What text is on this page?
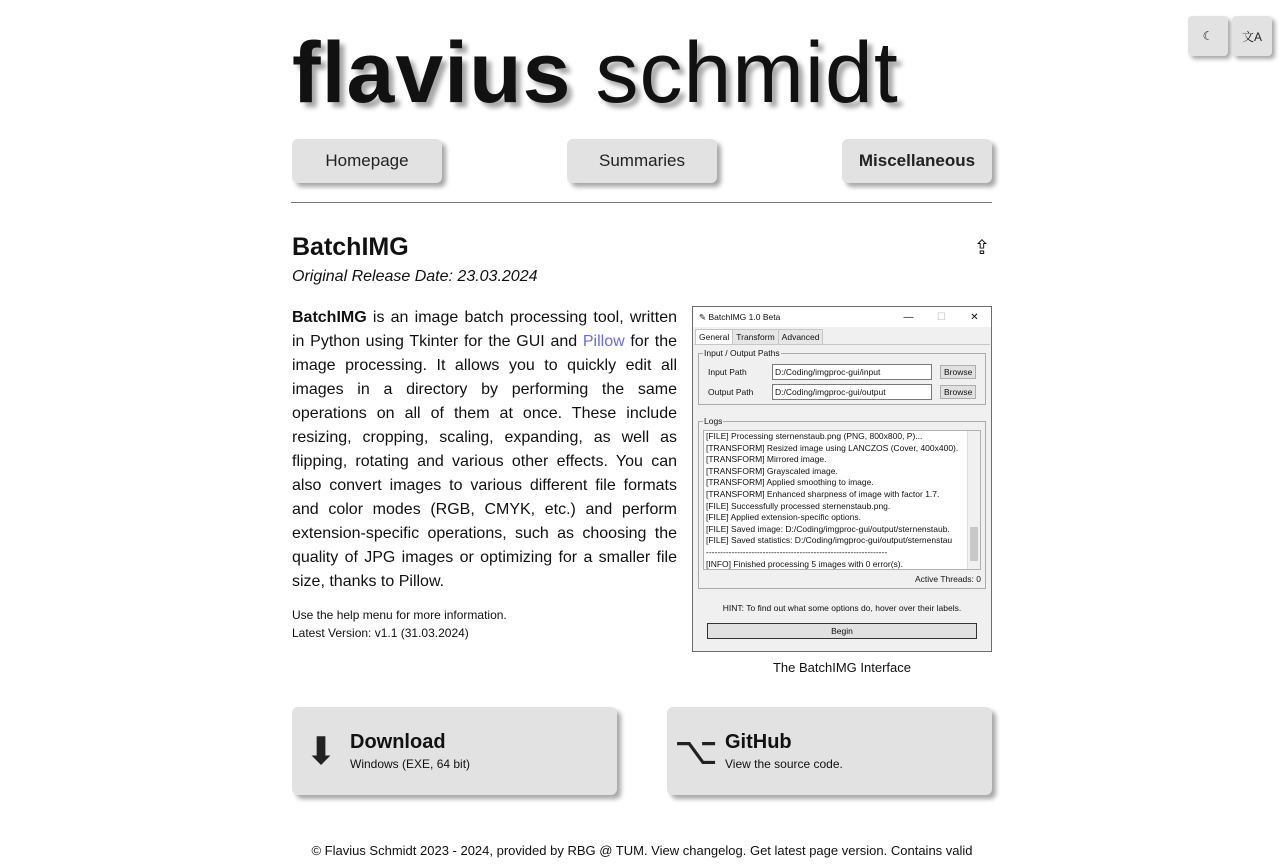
☾	文A
flavius schmidt
Homepage	Summaries	Miscellaneous
BatchIMG	⇪
Original Release Date: 23.03.2024
BatchIMG is an image batch processing tool, written in Python using Tkinter for the GUI and Pillow for the image processing. It allows you to quickly edit all images in a directory by performing the same operations on all of them at once. These include resizing, cropping, scaling, expanding, as well as flipping, rotating and various other effects. You can also convert images to various different file formats and color modes (RGB, CMYK, etc.) and perform extension-specific operations, such as choosing the quality of JPG images or optimizing for a smaller file size, thanks to Pillow.
Use the help menu for more information.
Latest Version: v1.1 (31.03.2024)
✎ BatchIMG 1.0 Beta	—	☐	✕
General Transform Advanced
Input / Output Paths
Input Path	D:/Coding/imgproc-gui/input	Browse
Output Path	D:/Coding/imgproc-gui/output	Browse
Logs
[FILE] Processing sternenstaub.png (PNG, 800x800, P)...
[TRANSFORM] Resized image using LANCZOS (Cover, 400x400).
[TRANSFORM] Mirrored image.
[TRANSFORM] Grayscaled image.
[TRANSFORM] Applied smoothing to image.
[TRANSFORM] Enhanced sharpness of image with factor 1.7.
[FILE] Successfully processed sternenstaub.png.
[FILE] Applied extension-specific options.
[FILE] Saved image: D:/Coding/imgproc-gui/output/sternenstaub.
[FILE] Saved statistics: D:/Coding/imgproc-gui/output/sternenstau
----------------------------------------------------------------
[INFO] Finished processing 5 images with 0 error(s).
Active Threads: 0
HINT: To find out what some options do, hover over their labels.
Begin
The BatchIMG Interface
⬇ Download
Windows (EXE, 64 bit)	⌥ GitHub
View the source code.
© Flavius Schmidt 2023 - 2024, provided by RBG @ TUM. View changelog. Get latest page version. Contains valid
